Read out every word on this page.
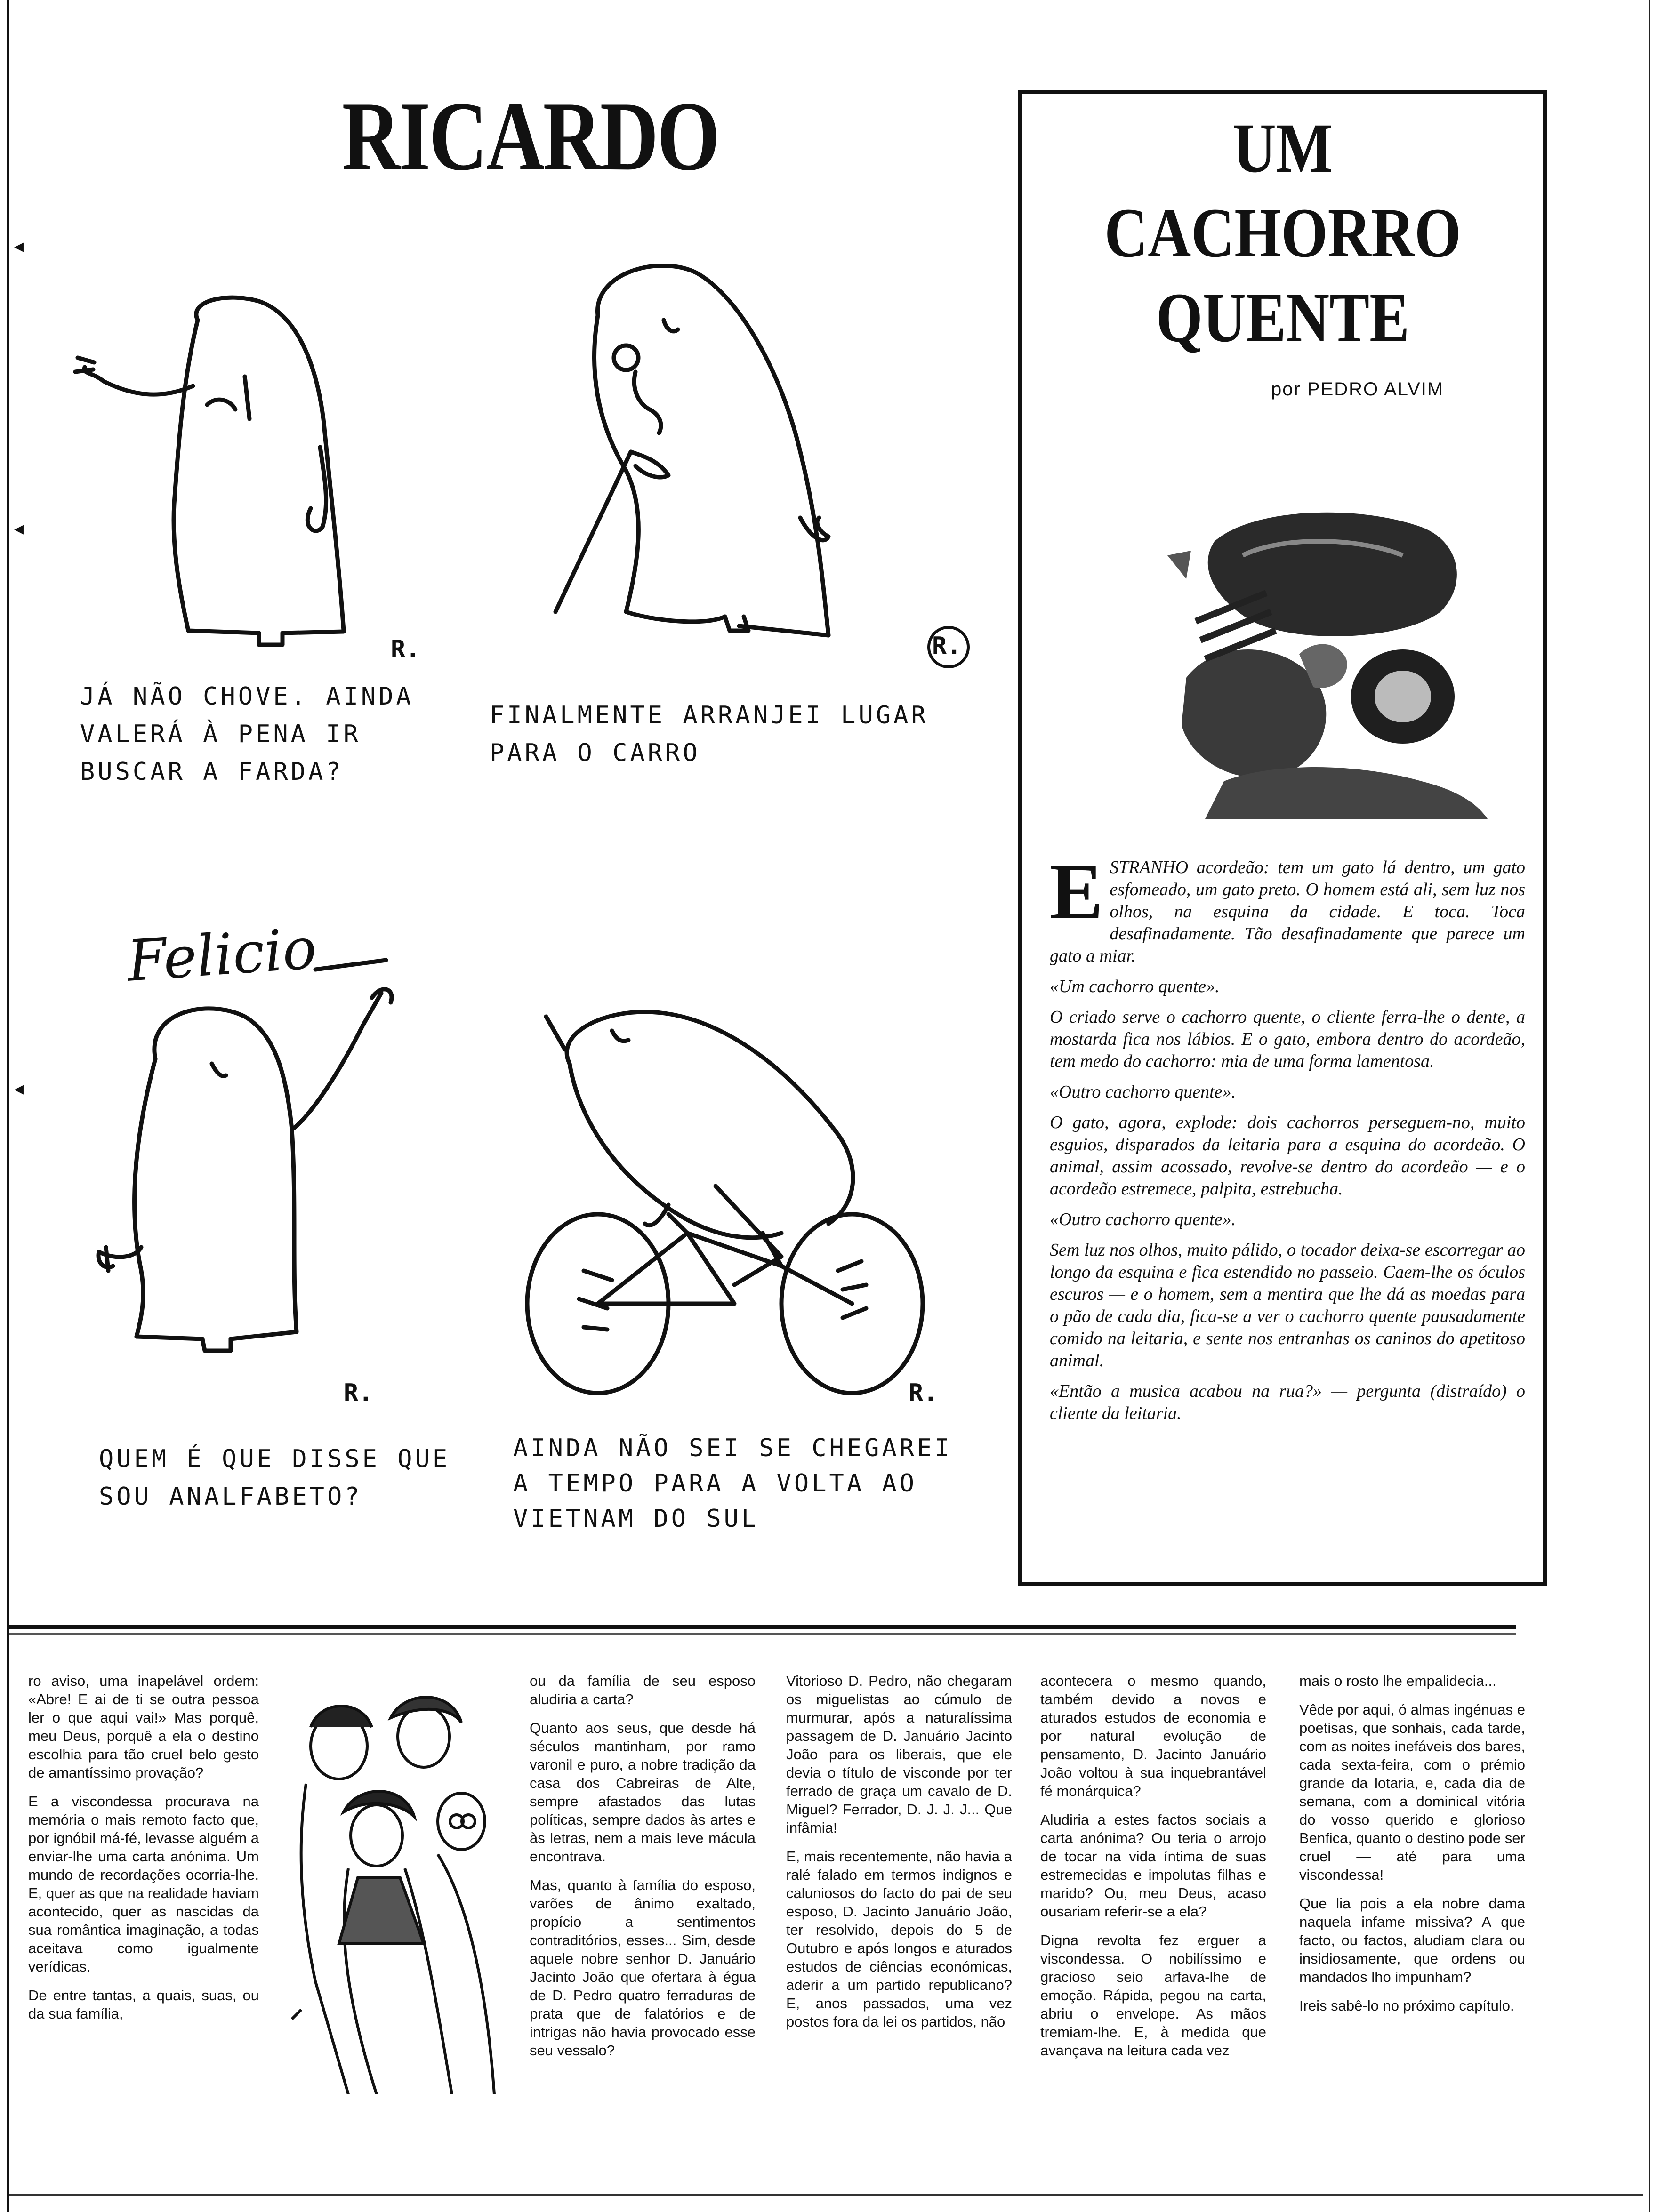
◂
◂
◂
RICARDO
R.
JÁ NÃO CHOVE. AINDA VALERÁ À PENA IR BUSCAR A FARDA?
R.
FINALMENTE ARRANJEI LUGAR PARA O CARRO
Felicio
R.
QUEM É QUE DISSE QUE SOU ANALFABETO?
R.
AINDA NÃO SEI SE CHEGAREI A TEMPO PARA A VOLTA AO VIETNAM DO SUL
UM
CACHORRO
QUENTE
por PEDRO ALVIM

ESTRANHO acordeão: tem um gato lá dentro, um gato esfomeado, um gato preto. O homem está ali, sem luz nos olhos, na esquina da cidade. E toca. Toca desafinadamente. Tão desafinadamente que parece um gato a miar.

«Um cachorro quente».

O criado serve o cachorro quente, o cliente ferra-lhe o dente, a mostarda fica nos lábios. E o gato, embora dentro do acordeão, tem medo do cachorro: mia de uma forma lamentosa.

«Outro cachorro quente».

O gato, agora, explode: dois cachorros perseguem-no, muito esguios, disparados da leitaria para a esquina do acordeão. O animal, assim acossado, revolve-se dentro do acordeão — e o acordeão estremece, palpita, estrebucha.

«Outro cachorro quente».

Sem luz nos olhos, muito pálido, o tocador deixa-se escorregar ao longo da esquina e fica estendido no passeio. Caem-lhe os óculos escuros — e o homem, sem a mentira que lhe dá as moedas para o pão de cada dia, fica-se a ver o cachorro quente pausadamente comido na leitaria, e sente nos entranhas os caninos do apetitoso animal.

«Então a musica acabou na rua?» — pergunta (distraído) o cliente da leitaria.

ro aviso, uma inapelável ordem: «Abre! E ai de ti se outra pessoa ler o que aqui vai!» Mas porquê, meu Deus, porquê a ela o destino escolhia para tão cruel belo gesto de amantíssimo provação?

E a viscondessa procurava na memória o mais remoto facto que, por ignóbil má-fé, levasse alguém a enviar-lhe uma carta anónima. Um mundo de recordações ocorria-lhe. E, quer as que na realidade haviam acontecido, quer as nascidas da sua romântica imaginação, a todas aceitava como igualmente verídicas.

De entre tantas, a quais, suas, ou da sua família,

ou da família de seu esposo aludiria a carta?

Quanto aos seus, que desde há séculos mantinham, por ramo varonil e puro, a nobre tradição da casa dos Cabreiras de Alte, sempre afastados das lutas políticas, sempre dados às artes e às letras, nem a mais leve mácula encontrava.

Mas, quanto à família do esposo, varões de ânimo exaltado, propício a sentimentos contraditórios, esses... Sim, desde aquele nobre senhor D. Januário Jacinto João que ofertara à égua de D. Pedro quatro ferraduras de prata que de falatórios e de intrigas não havia provocado esse seu vessalo?

Vitorioso D. Pedro, não chegaram os miguelistas ao cúmulo de murmurar, após a naturalíssima passagem de D. Januário Jacinto João para os liberais, que ele devia o título de visconde por ter ferrado de graça um cavalo de D. Miguel? Ferrador, D. J. J. J... Que infâmia!

E, mais recentemente, não havia a ralé falado em termos indignos e caluniosos do facto do pai de seu esposo, D. Jacinto Januário João, ter resolvido, depois do 5 de Outubro e após longos e aturados estudos de ciências económicas, aderir a um partido republicano? E, anos passados, uma vez postos fora da lei os partidos, não

acontecera o mesmo quando, também devido a novos e aturados estudos de economia e por natural evolução de pensamento, D. Jacinto Januário João voltou à sua inquebrantável fé monárquica?

Aludiria a estes factos sociais a carta anónima? Ou teria o arrojo de tocar na vida íntima de suas estremecidas e impolutas filhas e marido? Ou, meu Deus, acaso ousariam referir-se a ela?

Digna revolta fez erguer a viscondessa. O nobilíssimo e gracioso seio arfava-lhe de emoção. Rápida, pegou na carta, abriu o envelope. As mãos tremiam-lhe. E, à medida que avançava na leitura cada vez

mais o rosto lhe empalidecia...

Vêde por aqui, ó almas ingénuas e poetisas, que sonhais, cada tarde, com as noites inefáveis dos bares, cada sexta-feira, com o prémio grande da lotaria, e, cada dia de semana, com a dominical vitória do vosso querido e glorioso Benfica, quanto o destino pode ser cruel — até para uma viscondessa!

Que lia pois a ela nobre dama naquela infame missiva? A que facto, ou factos, aludiam clara ou insidiosamente, que ordens ou mandados lho impunham?

Ireis sabê-lo no próximo capítulo.
